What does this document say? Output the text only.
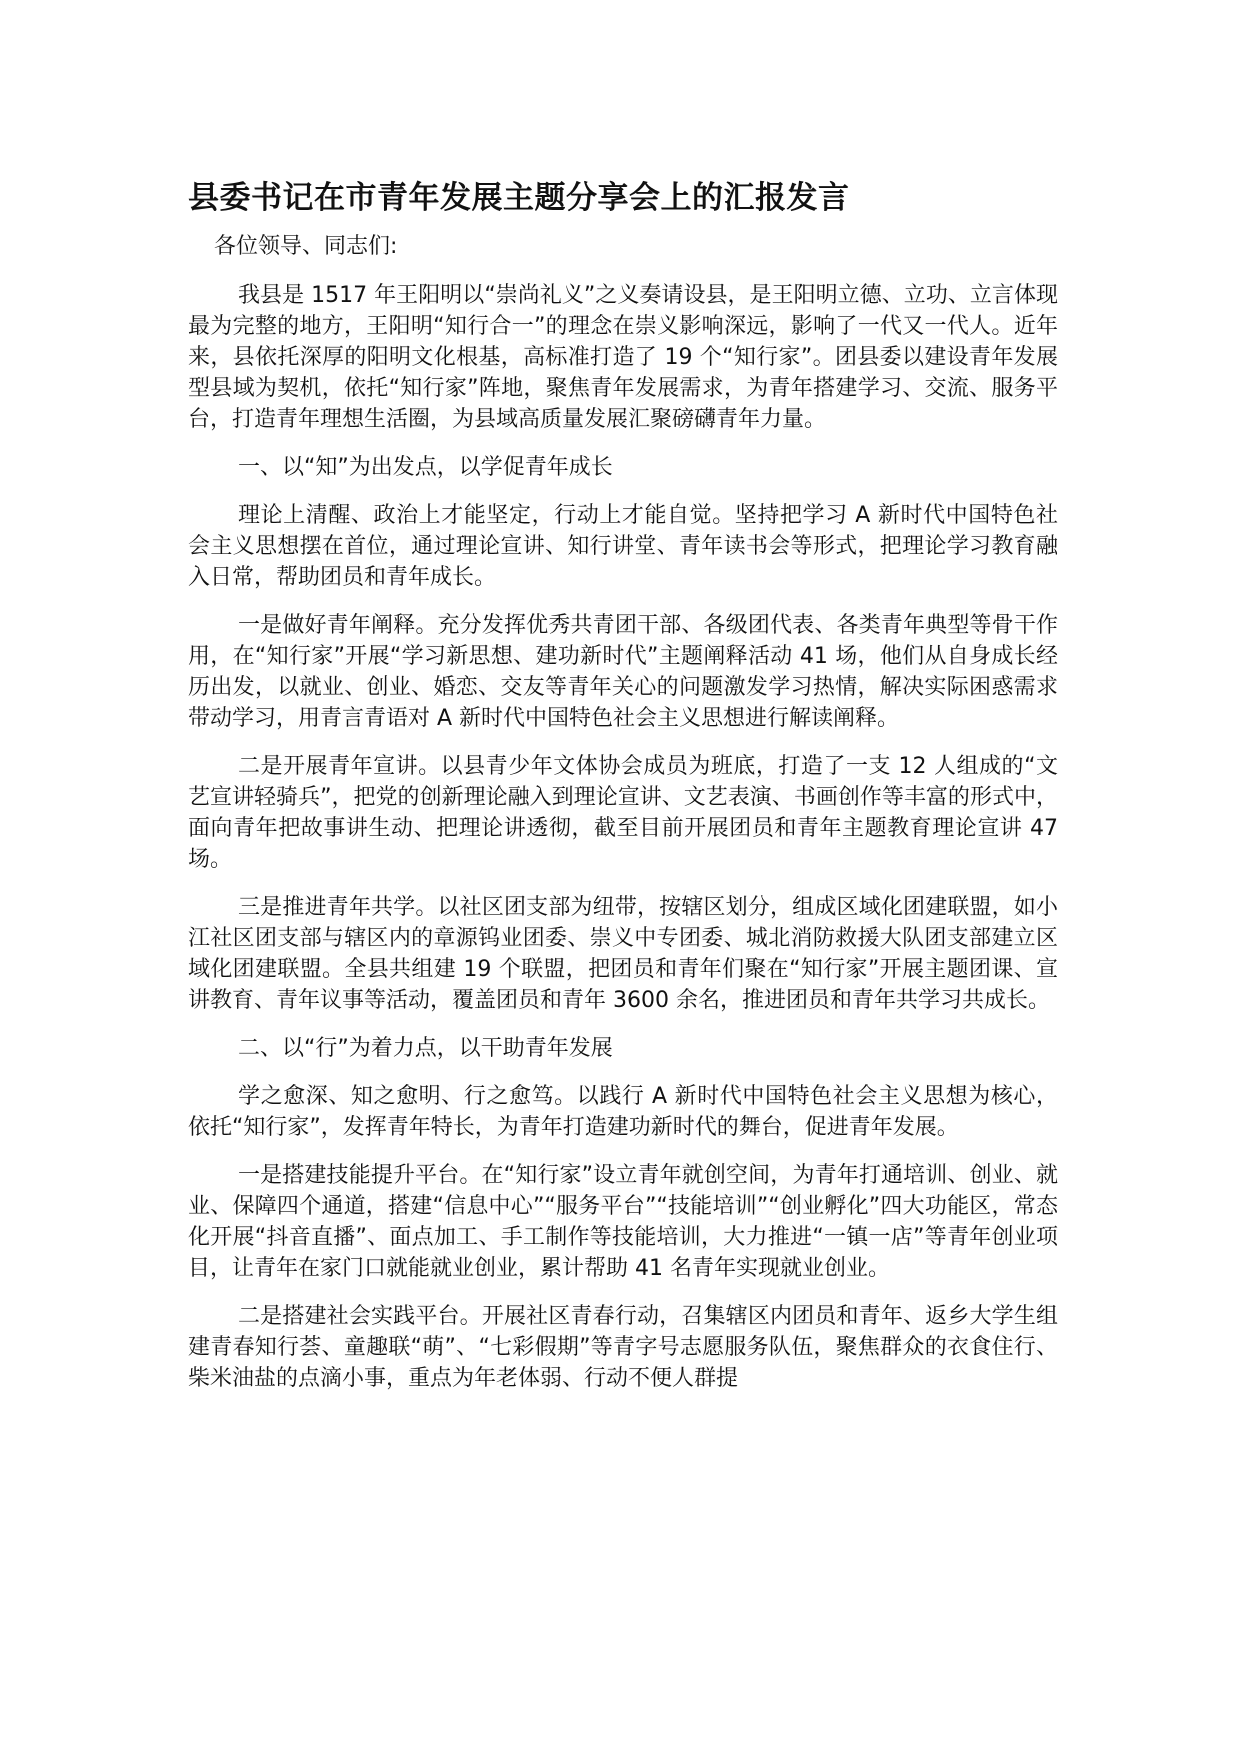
县委书记在市青年发展主题分享会上的汇报发言
各位领导、同志们:

我县是 1517 年王阳明以“崇尚礼义”之义奏请设县，是王阳明立德、立功、立言体现最为完整的地方，王阳明“知行合一”的理念在崇义影响深远，影响了一代又一代人。近年来，县依托深厚的阳明文化根基，高标准打造了 19 个“知行家”。团县委以建设青年发展型县域为契机，依托“知行家”阵地，聚焦青年发展需求，为青年搭建学习、交流、服务平台，打造青年理想生活圈，为县域高质量发展汇聚磅礴青年力量。

一、以“知”为出发点，以学促青年成长

理论上清醒、政治上才能坚定，行动上才能自觉。坚持把学习 A 新时代中国特色社会主义思想摆在首位，通过理论宣讲、知行讲堂、青年读书会等形式，把理论学习教育融入日常，帮助团员和青年成长。

一是做好青年阐释。充分发挥优秀共青团干部、各级团代表、各类青年典型等骨干作用，在“知行家”开展“学习新思想、建功新时代”主题阐释活动 41 场，他们从自身成长经历出发，以就业、创业、婚恋、交友等青年关心的问题激发学习热情，解决实际困惑需求带动学习，用青言青语对 A 新时代中国特色社会主义思想进行解读阐释。

二是开展青年宣讲。以县青少年文体协会成员为班底，打造了一支 12 人组成的“文艺宣讲轻骑兵”，把党的创新理论融入到理论宣讲、文艺表演、书画创作等丰富的形式中，面向青年把故事讲生动、把理论讲透彻，截至目前开展团员和青年主题教育理论宣讲 47 场。

三是推进青年共学。以社区团支部为纽带，按辖区划分，组成区域化团建联盟，如小江社区团支部与辖区内的章源钨业团委、崇义中专团委、城北消防救援大队团支部建立区域化团建联盟。全县共组建 19 个联盟，把团员和青年们聚在“知行家”开展主题团课、宣讲教育、青年议事等活动，覆盖团员和青年 3600 余名，推进团员和青年共学习共成长。

二、以“行”为着力点，以干助青年发展

学之愈深、知之愈明、行之愈笃。以践行 A 新时代中国特色社会主义思想为核心，依托“知行家”，发挥青年特长，为青年打造建功新时代的舞台，促进青年发展。

一是搭建技能提升平台。在“知行家”设立青年就创空间，为青年打通培训、创业、就业、保障四个通道，搭建“信息中心”“服务平台”“技能培训”“创业孵化”四大功能区，常态化开展“抖音直播”、面点加工、手工制作等技能培训，大力推进“一镇一店”等青年创业项目，让青年在家门口就能就业创业，累计帮助 41 名青年实现就业创业。

二是搭建社会实践平台。开展社区青春行动，召集辖区内团员和青年、返乡大学生组建青春知行荟、童趣联“萌”、“七彩假期”等青字号志愿服务队伍，聚焦群众的衣食住行、柴米油盐的点滴小事，重点为年老体弱、行动不便人群提
